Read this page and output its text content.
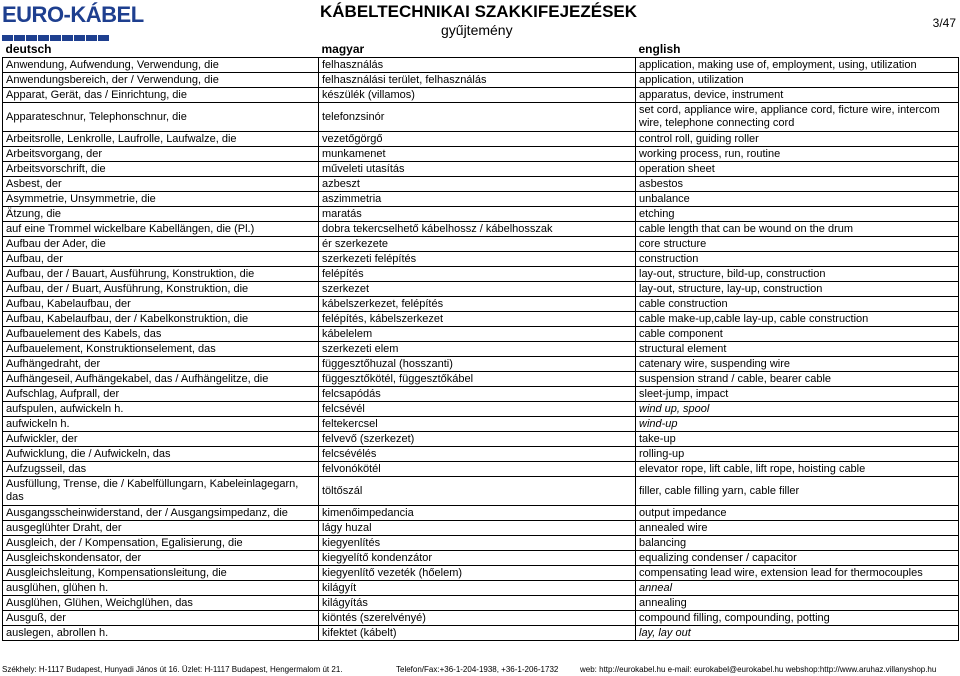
EURO-KÁBEL	KÁBELTECHNIKAI SZAKKIFEJEZÉSEK
gyűjtemény	3/47
deutsch	magyar	english
Anwendung, Aufwendung, Verwendung, die	felhasználás	application, making use of, employment, using, utilization
Anwendungsbereich, der / Verwendung, die	felhasználási terület, felhasználás	application, utilization
Apparat, Gerät, das / Einrichtung, die	készülék (villamos)	apparatus, device, instrument
Apparateschnur, Telephonschnur, die	telefonzsinór	set cord, appliance wire, appliance cord, ficture wire, intercom wire, telephone connecting cord
Arbeitsrolle, Lenkrolle, Laufrolle, Laufwalze, die	vezetőgörgő	control roll, guiding roller
Arbeitsvorgang, der	munkamenet	working process, run, routine
Arbeitsvorschrift, die	műveleti utasítás	operation sheet
Asbest, der	azbeszt	asbestos
Asymmetrie, Unsymmetrie, die	aszimmetria	unbalance
Ätzung, die	maratás	etching
auf eine Trommel wickelbare Kabellängen, die (Pl.)	dobra tekercselhető kábelhossz / kábelhosszak	cable length that can be wound on the drum
Aufbau der Ader, die	ér szerkezete	core structure
Aufbau, der	szerkezeti felépítés	construction
Aufbau, der / Bauart, Ausführung, Konstruktion, die	felépítés	lay-out, structure, bild-up, construction
Aufbau, der / Buart, Ausführung, Konstruktion, die	szerkezet	lay-out, structure, lay-up, construction
Aufbau, Kabelaufbau, der	kábelszerkezet, felépítés	cable construction
Aufbau, Kabelaufbau, der / Kabelkonstruktion, die	felépítés, kábelszerkezet	cable make-up,cable lay-up, cable construction
Aufbauelement des Kabels, das	kábelelem	cable component
Aufbauelement, Konstruktionselement, das	szerkezeti elem	structural element
Aufhängedraht, der	függesztőhuzal (hosszanti)	catenary wire, suspending wire
Aufhängeseil, Aufhängekabel, das / Aufhängelitze, die	függesztőkötél, függesztőkábel	suspension strand / cable, bearer cable
Aufschlag, Aufprall, der	felcsapódás	sleet-jump, impact
aufspulen, aufwickeln h.	felcsévél	wind up, spool
aufwickeln h.	feltekercsel	wind-up
Aufwickler, der	felvevő (szerkezet)	take-up
Aufwicklung, die / Aufwickeln, das	felcsévélés	rolling-up
Aufzugsseil, das	felvonókötél	elevator rope, lift cable, lift rope, hoisting cable
Ausfüllung, Trense, die / Kabelfüllungarn, Kabeleinlagegarn, das	töltőszál	filler, cable filling yarn, cable filler
Ausgangsscheinwiderstand, der / Ausgangsimpedanz, die	kimenőimpedancia	output impedance
ausgeglühter Draht, der	lágy huzal	annealed wire
Ausgleich, der / Kompensation, Egalisierung, die	kiegyenlítés	balancing
Ausgleichskondensator, der	kiegyelítő kondenzátor	equalizing condenser / capacitor
Ausgleichsleitung, Kompensationsleitung, die	kiegyenlítő vezeték (hőelem)	compensating lead wire, extension lead for thermocouples
ausglühen, glühen h.	kilágyít	anneal
Ausglühen, Glühen, Weichglühen, das	kilágyítás	annealing
Ausguß, der	kiöntés (szerelvényé)	compound filling, compounding, potting
auslegen, abrollen h.	kifektet (kábelt)	lay, lay out
Székhely: H-1117 Budapest, Hunyadi János út 16. Üzlet: H-1117 Budapest, Hengermalom út 21.	Telefon/Fax:+36-1-204-1938, +36-1-206-1732	web: http://eurokabel.hu e-mail: eurokabel@eurokabel.hu webshop:http://www.aruhaz.villanyshop.hu
